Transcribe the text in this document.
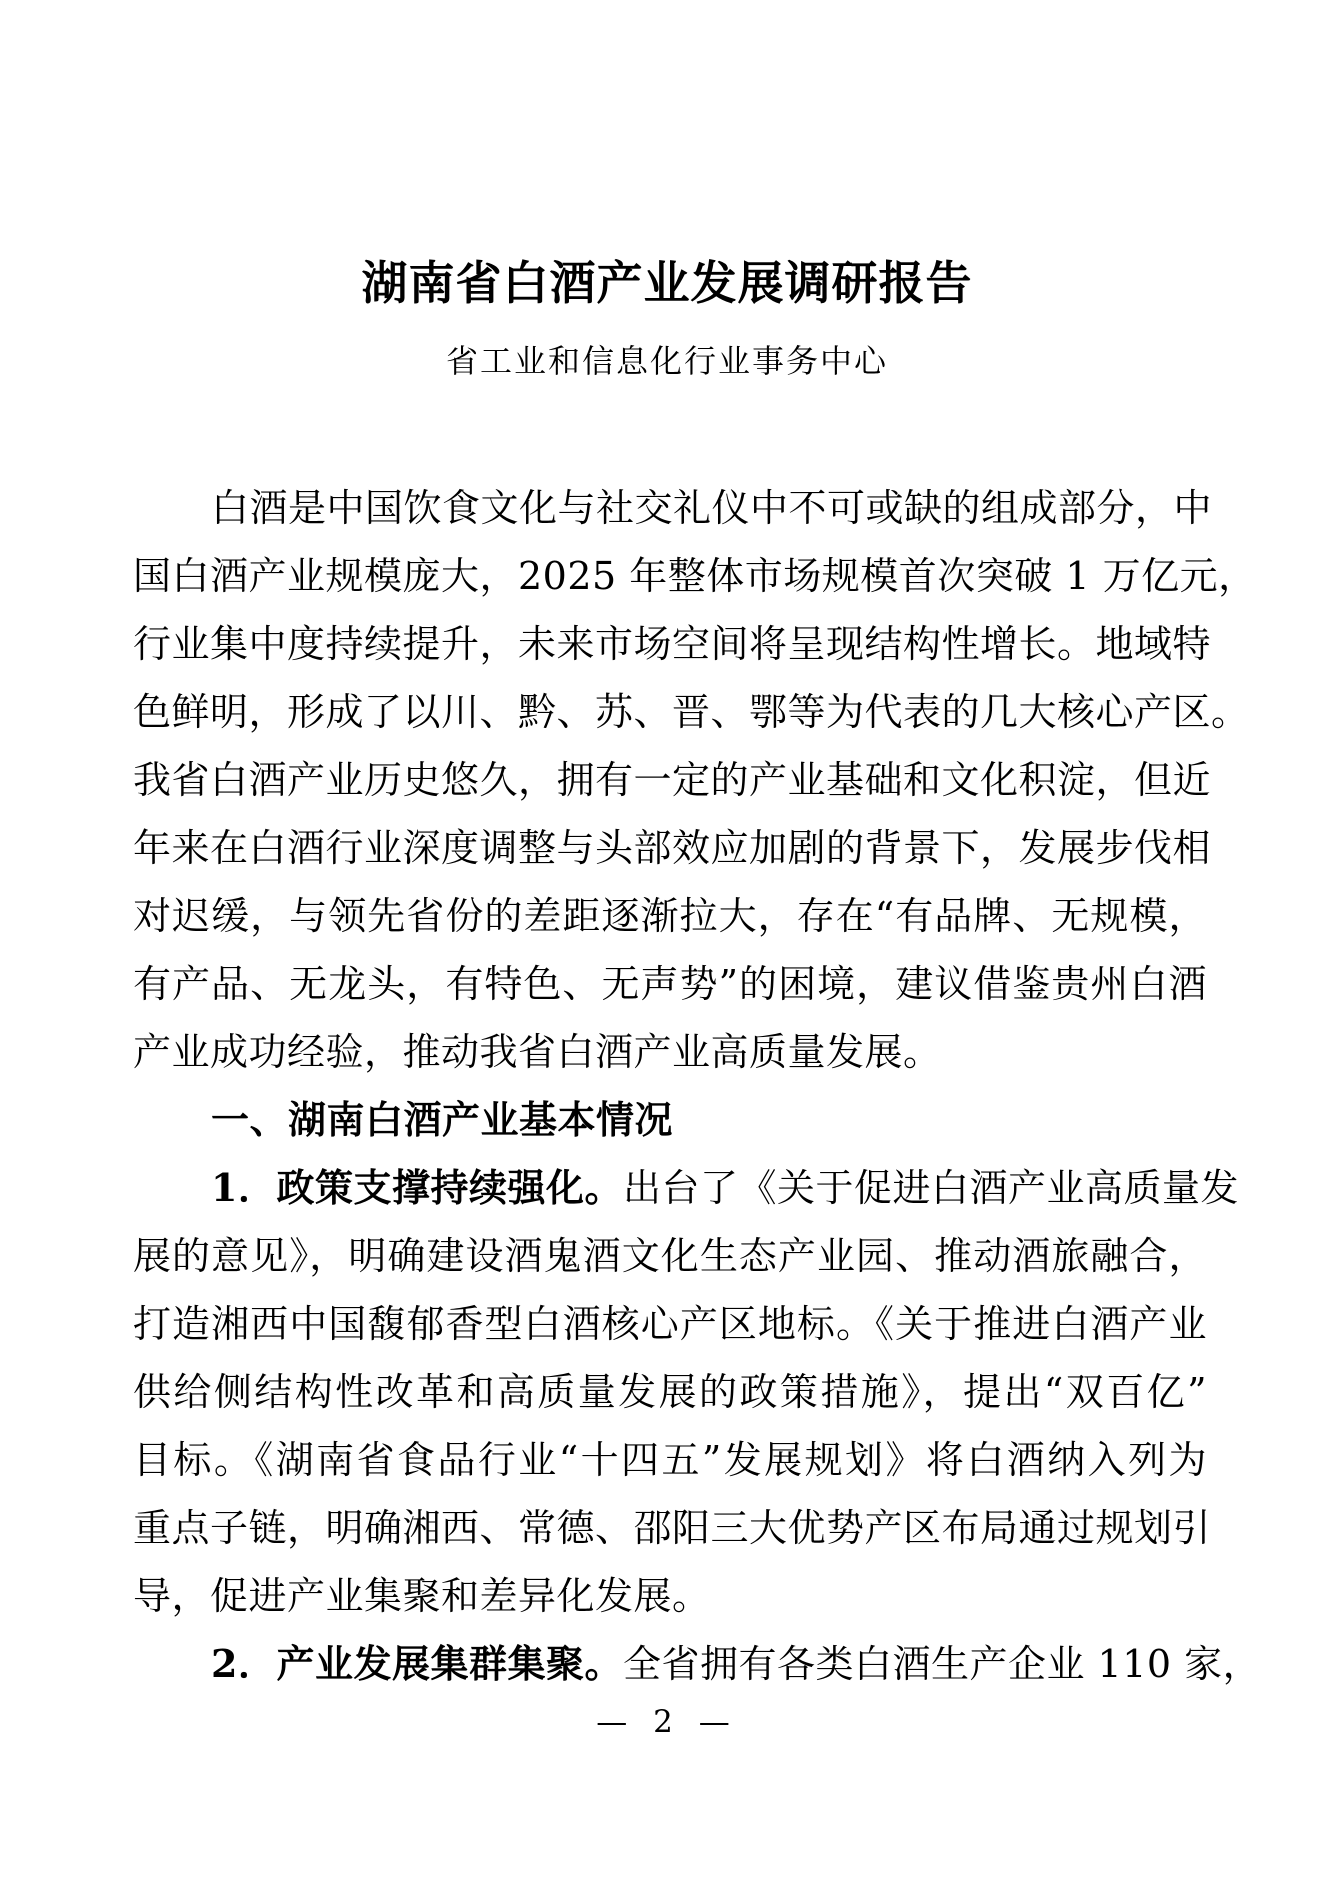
湖南省白酒产业发展调研报告
省工业和信息化行业事务中心
白酒是中国饮食文化与社交礼仪中不可或缺的组成部分，中
国白酒产业规模庞大，2025 年整体市场规模首次突破 1 万亿元，
行业集中度持续提升，未来市场空间将呈现结构性增长。地域特
色鲜明，形成了以川、黔、苏、晋、鄂等为代表的几大核心产区。
我省白酒产业历史悠久，拥有一定的产业基础和文化积淀，但近
年来在白酒行业深度调整与头部效应加剧的背景下，发展步伐相
对迟缓，与领先省份的差距逐渐拉大，存在“有品牌、无规模，
有产品、无龙头，有特色、无声势”的困境，建议借鉴贵州白酒
产业成功经验，推动我省白酒产业高质量发展。
一、湖南白酒产业基本情况
1．政策支撑持续强化。出台了《关于促进白酒产业高质量发
展的意见》，明确建设酒鬼酒文化生态产业园、推动酒旅融合，
打造湘西中国馥郁香型白酒核心产区地标。《关于推进白酒产业
供给侧结构性改革和高质量发展的政策措施》，提出“双百亿”
目标。《湖南省食品行业“十四五”发展规划》将白酒纳入列为
重点子链，明确湘西、常德、邵阳三大优势产区布局通过规划引
导，促进产业集聚和差异化发展。
2．产业发展集群集聚。全省拥有各类白酒生产企业 110 家，
— 2 —
